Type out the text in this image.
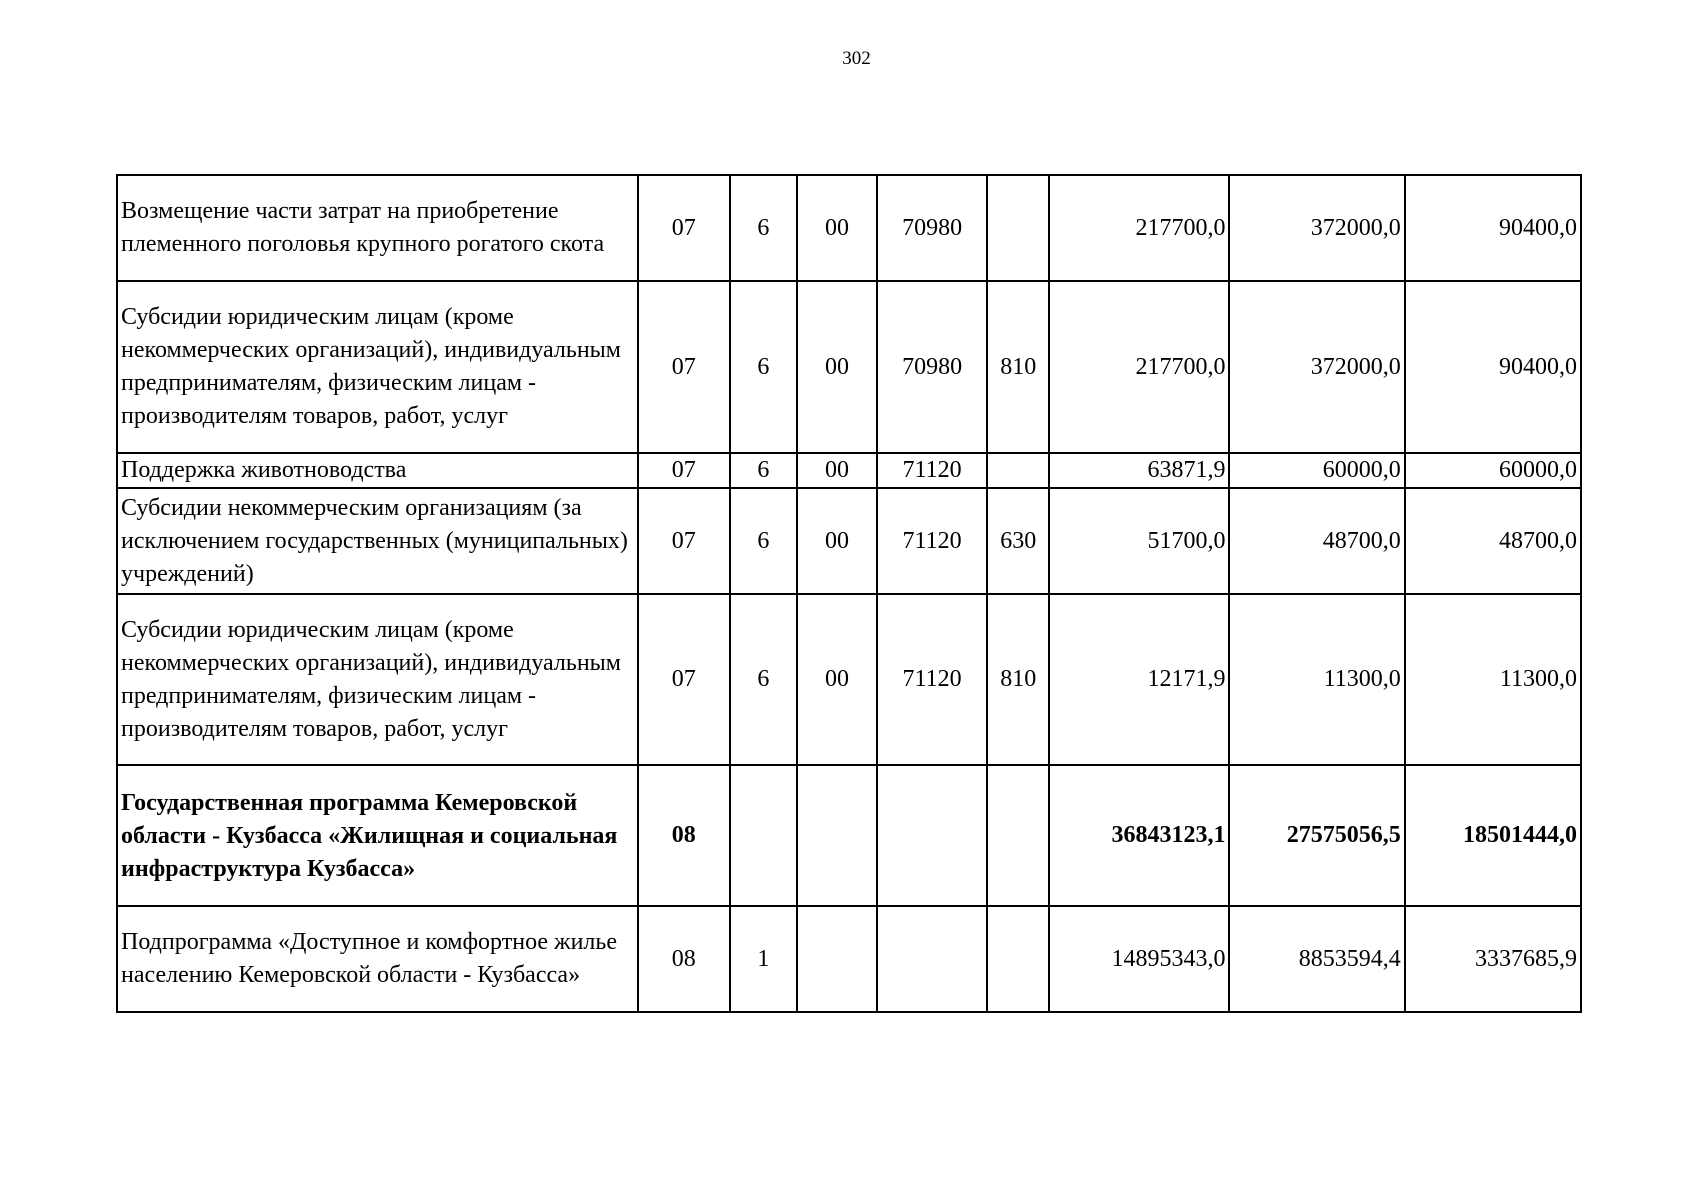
302
Возмещение части затрат на приобретение племенного поголовья крупного рогатого скота	07	6	00	70980		217700,0	372000,0	90400,0
Субсидии юридическим лицам (кроме некоммерческих организаций), индивидуальным предпринимателям, физическим лицам - производителям товаров, работ, услуг	07	6	00	70980	810	217700,0	372000,0	90400,0
Поддержка животноводства	07	6	00	71120		63871,9	60000,0	60000,0
Субсидии некоммерческим организациям (за исключением государственных (муниципальных) учреждений)	07	6	00	71120	630	51700,0	48700,0	48700,0
Субсидии юридическим лицам (кроме некоммерческих организаций), индивидуальным предпринимателям, физическим лицам - производителям товаров, работ, услуг	07	6	00	71120	810	12171,9	11300,0	11300,0
Государственная программа Кемеровской области - Кузбасса «Жилищная и социальная инфраструктура Кузбасса»	08					36843123,1	27575056,5	18501444,0
Подпрограмма «Доступное и комфортное жилье населению Кемеровской области - Кузбасса»	08	1				14895343,0	8853594,4	3337685,9
